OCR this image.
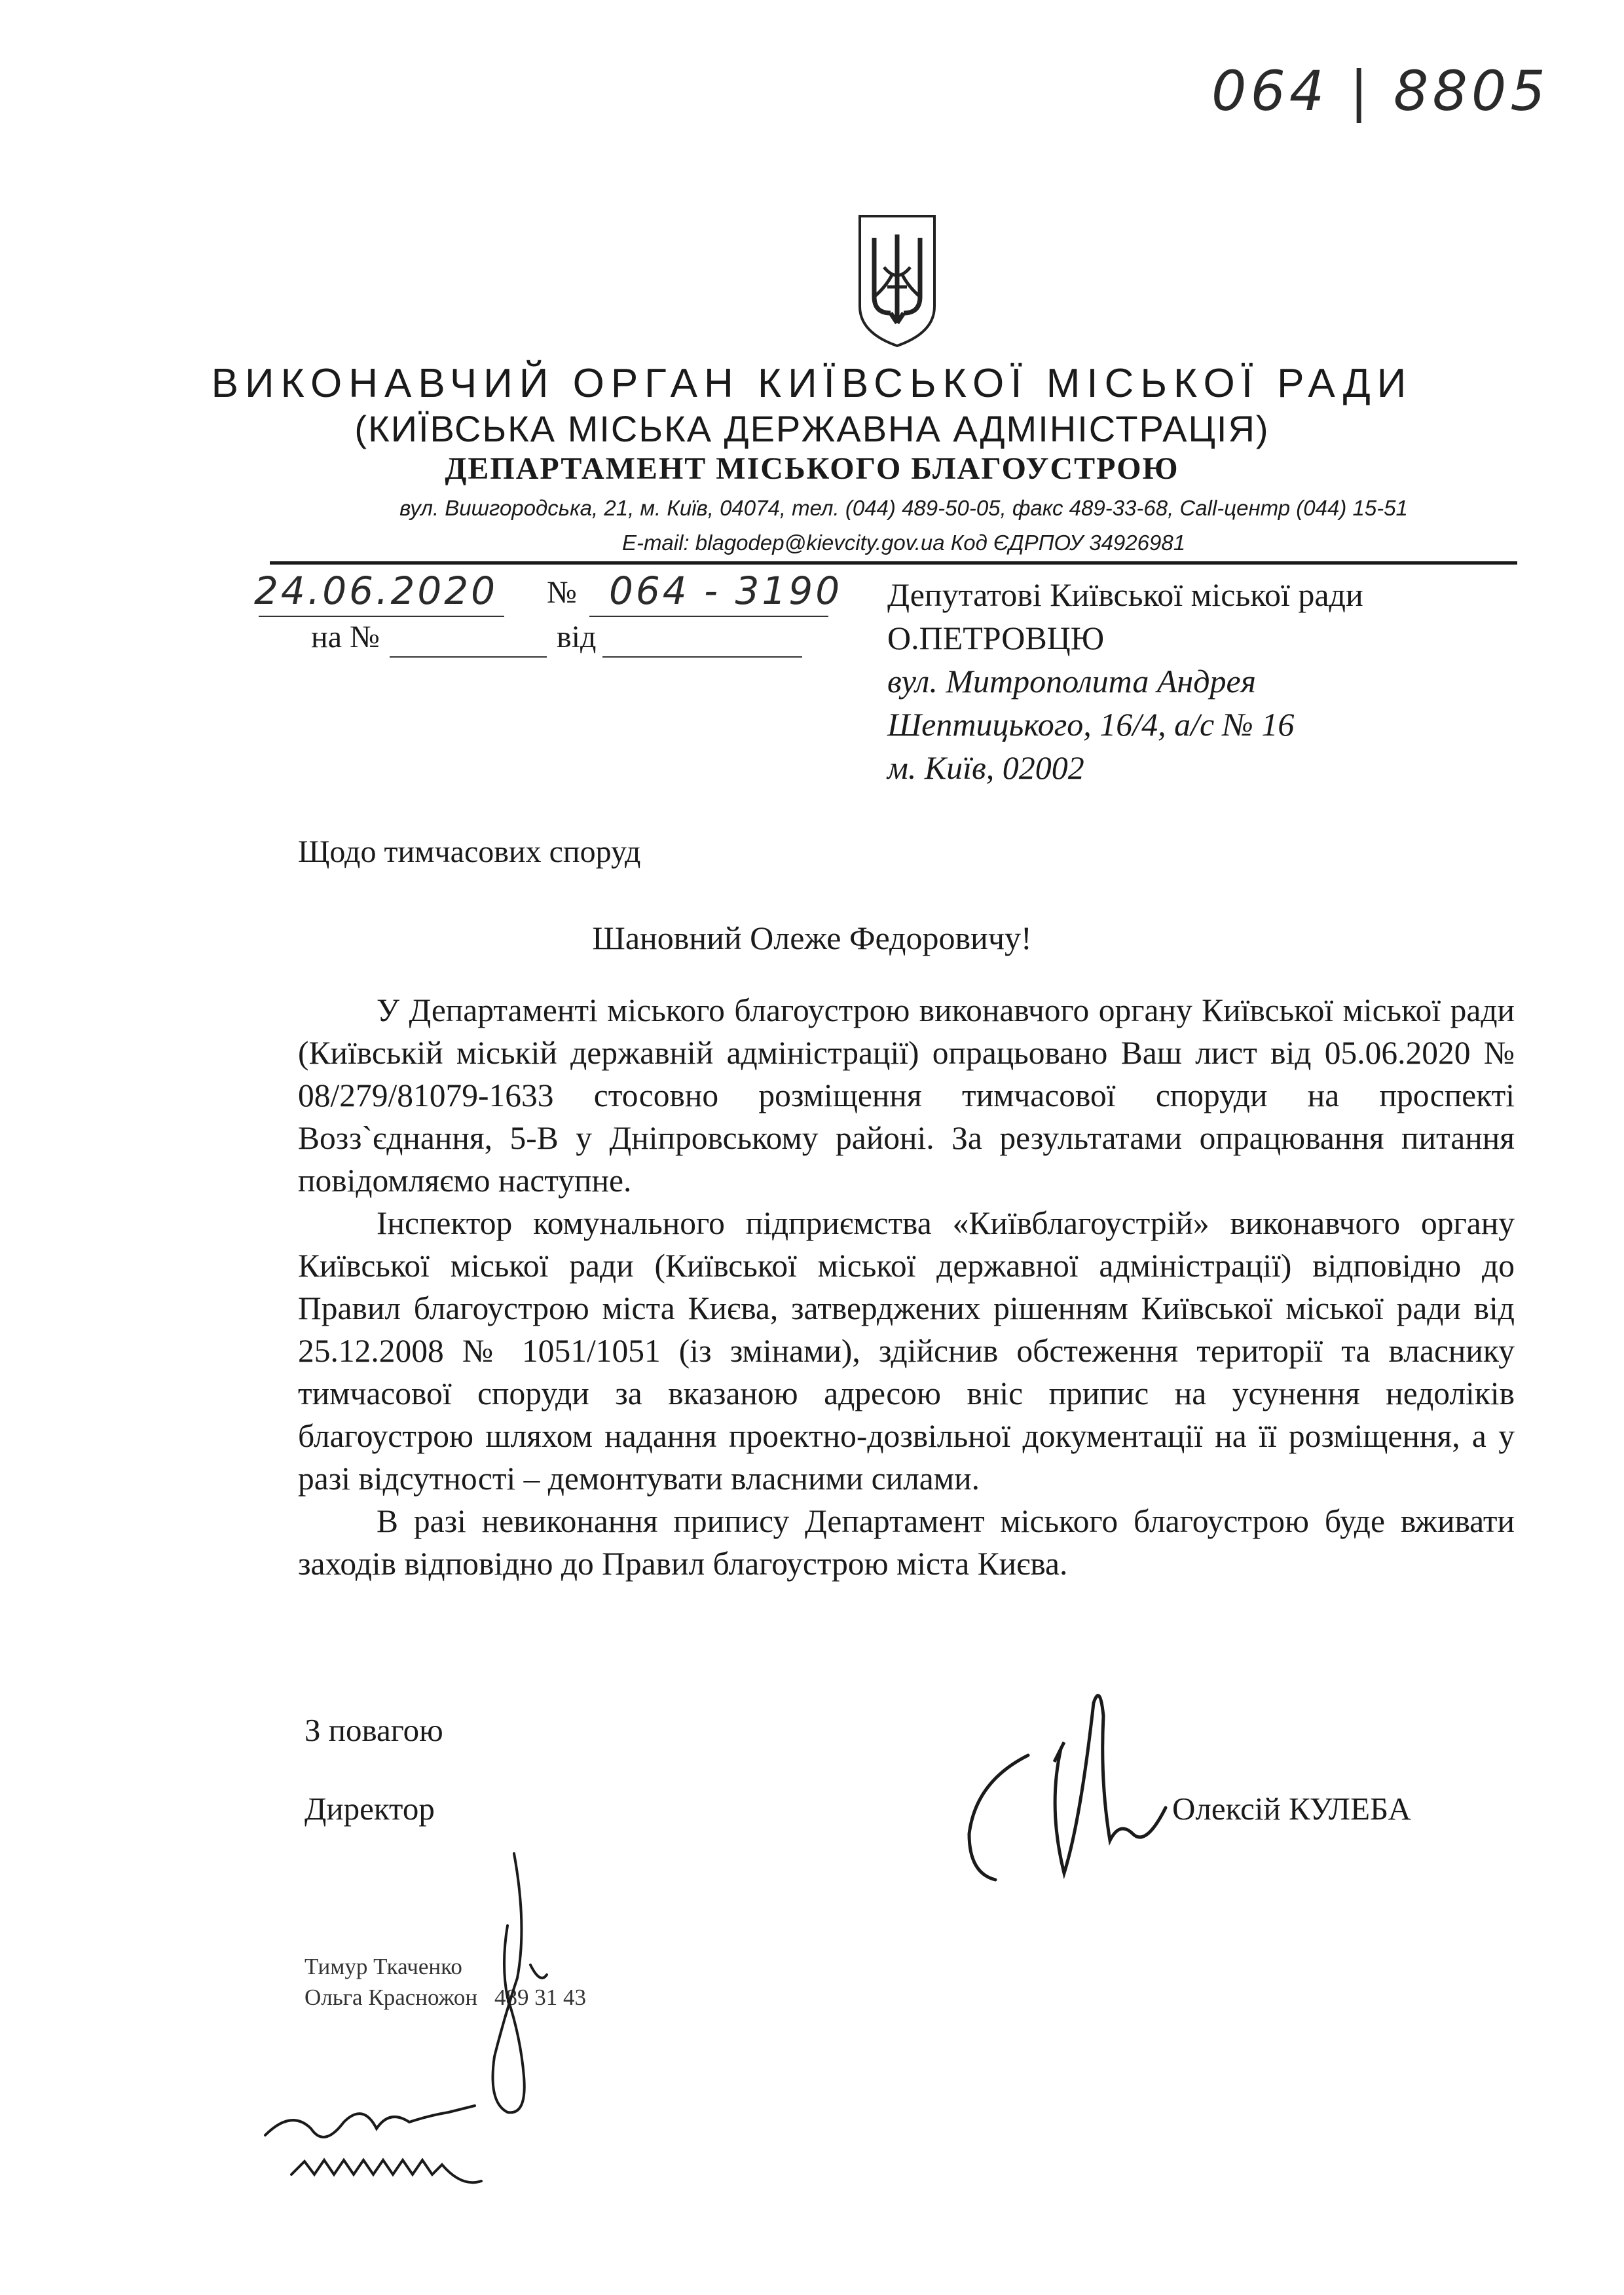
064 | 8805
ВИКОНАВЧИЙ ОРГАН КИЇВСЬКОЇ МІСЬКОЇ РАДИ
(КИЇВСЬКА МІСЬКА ДЕРЖАВНА АДМІНІСТРАЦІЯ)
ДЕПАРТАМЕНТ МІСЬКОГО БЛАГОУСТРОЮ
вул. Вишгородська, 21, м. Київ, 04074, тел. (044) 489-50-05, факс 489-33-68, Call-центр (044) 15-51
E-mail: blagodep@kievcity.gov.ua Код ЄДРПОУ 34926981
24.06.2020 № 064 - 3190
на №	від
Депутатові Київської міської ради
О.ПЕТРОВЦЮ
вул. Митрополита Андрея
Шептицького, 16/4, а/с № 16
м. Київ, 02002
Щодо тимчасових споруд
Шановний Олеже Федоровичу!

У Департаменті міського благоустрою виконавчого органу Київської міської ради (Київській міській державній адміністрації) опрацьовано Ваш лист від 05.06.2020 № 08/279/81079-1633 стосовно розміщення тимчасової споруди на проспекті Возз`єднання, 5-В у Дніпровському районі. За результатами опрацювання питання повідомляємо наступне.

Інспектор комунального підприємства «Київблагоустрій» виконавчого органу Київської міської ради (Київської міської державної адміністрації) відповідно до Правил благоустрою міста Києва, затверджених рішенням Київської міської ради від 25.12.2008 № 1051/1051 (із змінами), здійснив обстеження території та власнику тимчасової споруди за вказаною адресою вніс припис на усунення недоліків благоустрою шляхом надання проектно-дозвільної документації на її розміщення, а у разі відсутності – демонтувати власними силами.

В разі невиконання припису Департамент міського благоустрою буде вживати заходів відповідно до Правил благоустрою міста Києва.

З повагою
Директор	Олексій КУЛЕБА
Тимур Ткаченко
Ольга Красножон 489 31 43
